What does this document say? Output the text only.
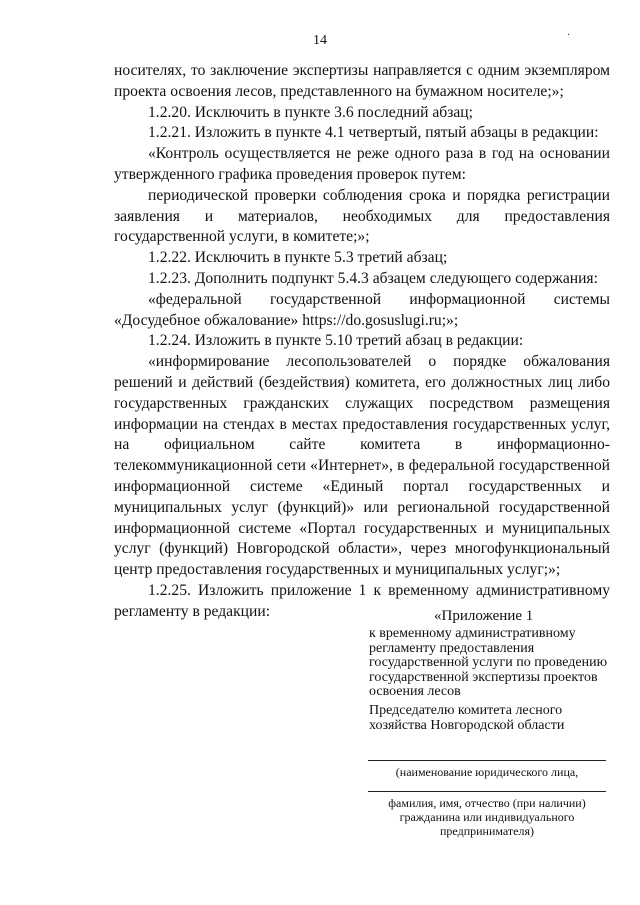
14	·

носителях, то заключение экспертизы направляется с одним экземпляром проекта освоения лесов, представленного на бумажном носителе;»;

1.2.20. Исключить в пункте 3.6 последний абзац;

1.2.21. Изложить в пункте 4.1 четвертый, пятый абзацы в редакции:

«Контроль осуществляется не реже одного раза в год на основании утвержденного графика проведения проверок путем:

периодической проверки соблюдения срока и порядка регистрации заявления и материалов, необходимых для предоставления государственной услуги, в комитете;»;

1.2.22. Исключить в пункте 5.3 третий абзац;

1.2.23. Дополнить подпункт 5.4.3 абзацем следующего содержания:

«федеральной государственной информационной системы «Досудебное обжалование» https://do.gosuslugi.ru;»;

1.2.24. Изложить в пункте 5.10 третий абзац в редакции:

«информирование лесопользователей о порядке обжалования решений и действий (бездействия) комитета, его должностных лиц либо государственных гражданских служащих посредством размещения информации на стендах в местах предоставления государственных услуг, на официальном сайте комитета в информационно-телекоммуникационной сети «Интернет», в федеральной государственной информационной системе «Единый портал государственных и муниципальных услуг (функций)» или региональной государственной информационной системе «Портал государственных и муниципальных услуг (функций) Новгородской области», через многофункциональный центр предоставления государственных и муниципальных услуг;»;

1.2.25. Изложить приложение 1 к временному административному регламенту в редакции:	«Приложение 1
к временному административному регламенту предоставления государственной услуги по проведению государственной экспертизы проектов освоения лесов
Председателю комитета лесного хозяйства Новгородской области
(наименование юридического лица,
фамилия, имя, отчество (при наличии) гражданина или индивидуального предпринимателя)
